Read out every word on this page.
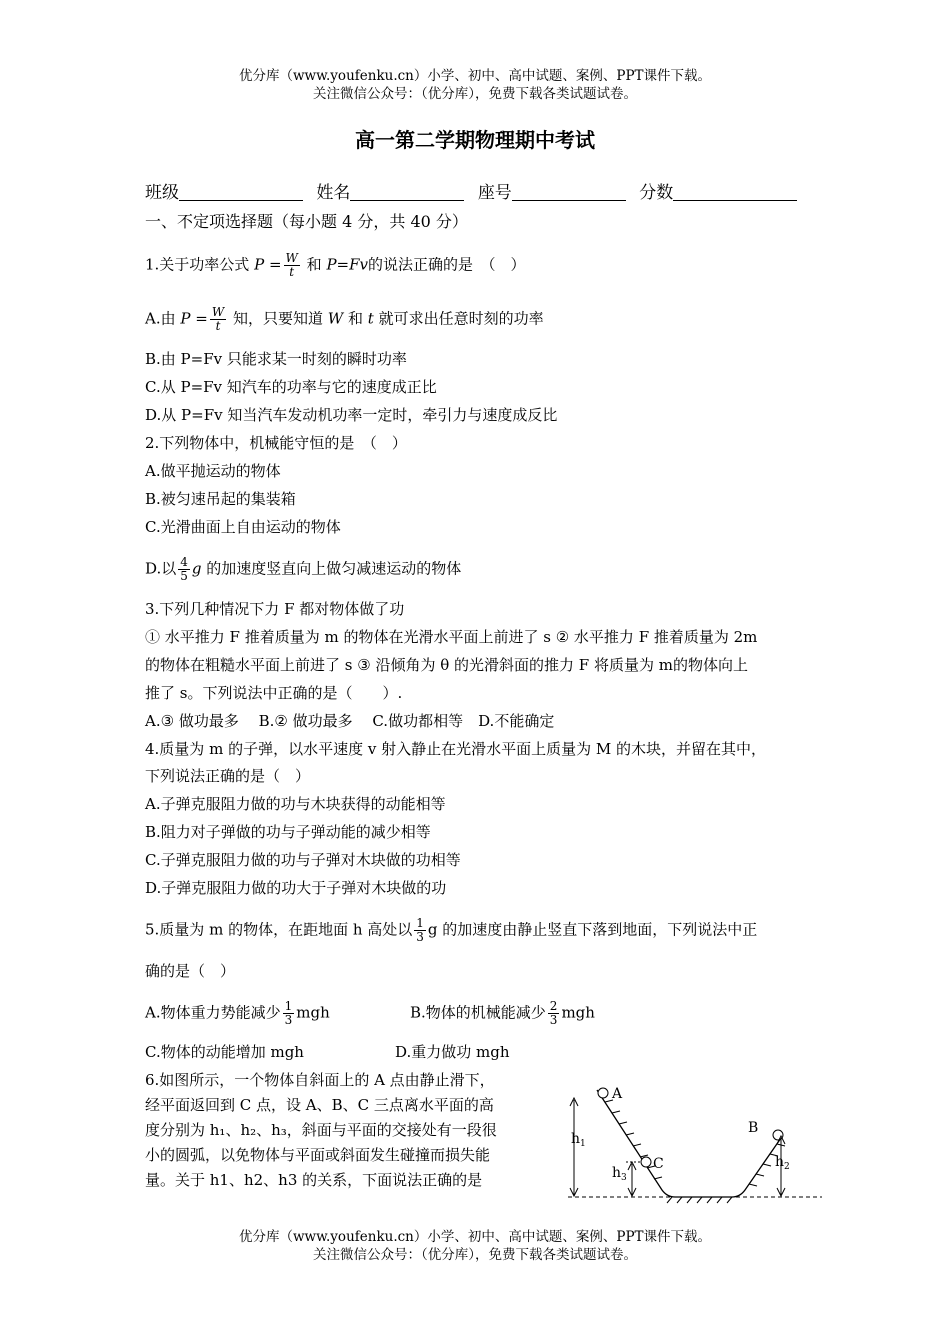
优分库（www.youfenku.cn）小学、初中、高中试题、案例、PPT课件下载。
关注微信公众号：（优分库），免费下载各类试题试卷。
高一第二学期物理期中考试
班级	姓名	座号	分数
一、不定项选择题（每小题 4 分，共 40 分）
1.关于功率公式 $P = \frac{W}{t}$ 和 P=Fv的说法正确的是　（　）
A.由 $P = \frac{W}{t}$ 知，只要知道 W 和 t 就可求出任意时刻的功率
B.由 P=Fv 只能求某一时刻的瞬时功率
C.从 P=Fv 知汽车的功率与它的速度成正比
D.从 P=Fv 知当汽车发动机功率一定时，牵引力与速度成反比
2.下列物体中，机械能守恒的是　（　）
A.做平抛运动的物体
B.被匀速吊起的集装箱
C.光滑曲面上自由运动的物体
D.以 $\frac{4}{5}$ g 的加速度竖直向上做匀减速运动的物体
3.下列几种情况下力 F 都对物体做了功
① 水平推力 F 推着质量为 m 的物体在光滑水平面上前进了 s ② 水平推力 F 推着质量为 2m
的物体在粗糙水平面上前进了 s ③ 沿倾角为 θ 的光滑斜面的推力 F 将质量为 m的物体向上
推了 s。下列说法中正确的是（　　）.
A.③ 做功最多　 B.② 做功最多　 C.做功都相等　D.不能确定
4.质量为 m 的子弹，以水平速度 v 射入静止在光滑水平面上质量为 M 的木块，并留在其中，
下列说法正确的是（　）
A.子弹克服阻力做的功与木块获得的动能相等
B.阻力对子弹做的功与子弹动能的减少相等
C.子弹克服阻力做的功与子弹对木块做的功相等
D.子弹克服阻力做的功大于子弹对木块做的功
5.质量为 m 的物体，在距地面 h 高处以 $\frac{1}{3}$ g 的加速度由静止竖直下落到地面，下列说法中正
确的是（　）
A.物体重力势能减少 $\frac{1}{3}$ mgh	B.物体的机械能减少 $\frac{2}{3}$ mgh
C.物体的动能增加 mgh	D.重力做功 mgh
6.如图所示，一个物体自斜面上的 A 点由静止滑下，
经平面返回到 C 点，设 A、B、C 三点离水平面的高
度分别为 h₁、h₂、h₃，斜面与平面的交接处有一段很
小的圆弧，以免物体与平面或斜面发生碰撞而损失能
量。关于 h1、h2、h3 的关系，下面说法正确的是
A
C
B
$h_1$
$h_3$
$h_2$
优分库（www.youfenku.cn）小学、初中、高中试题、案例、PPT课件下载。
关注微信公众号：（优分库），免费下载各类试题试卷。
